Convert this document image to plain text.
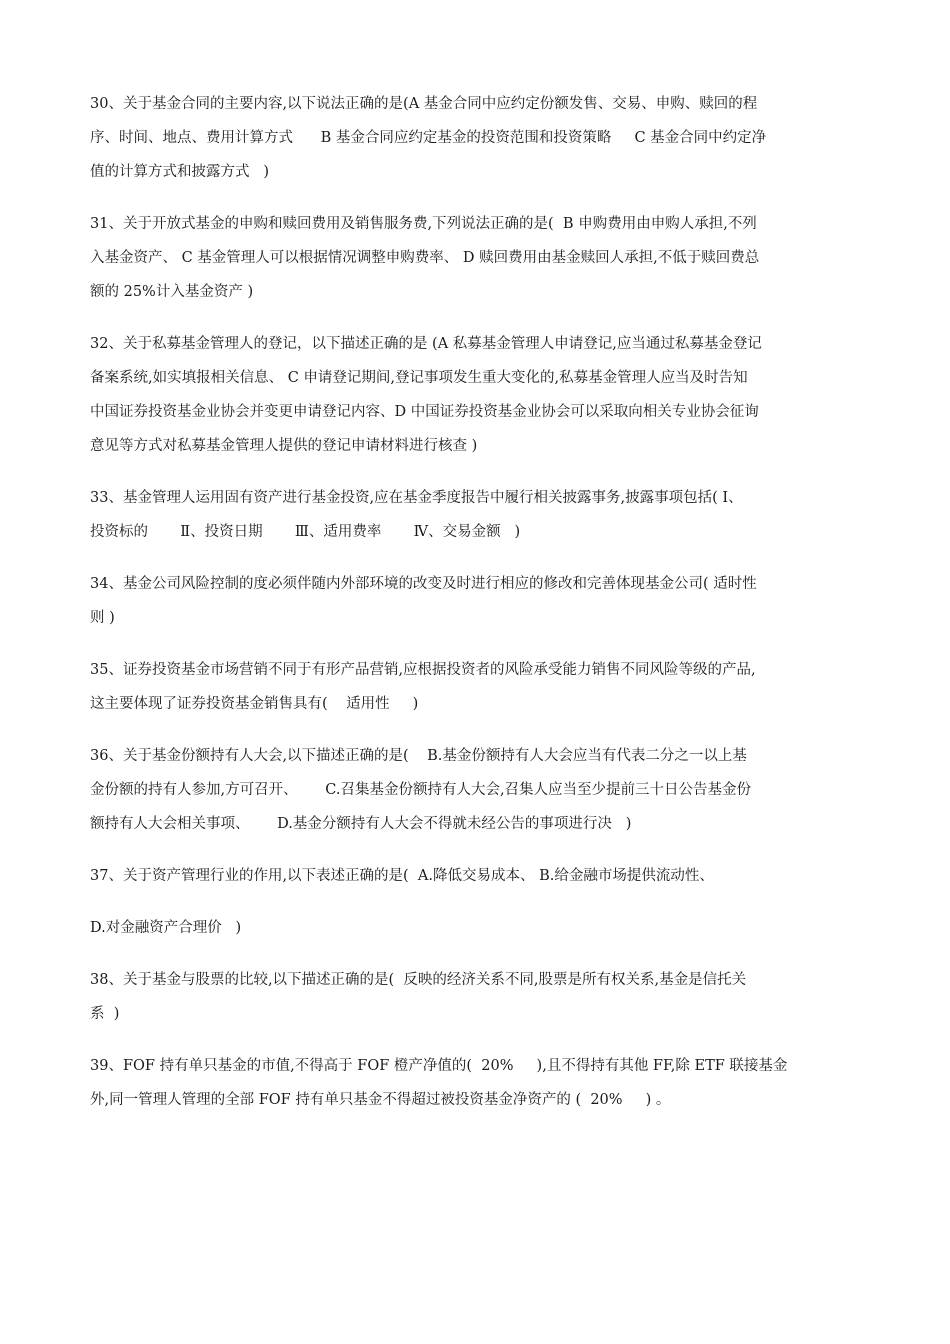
30、关于基金合同的主要内容,以下说法正确的是(A 基金合同中应约定份额发售、交易、申购、赎回的程

序、时间、地点、费用计算方式      B 基金合同应约定基金的投资范围和投资策略     C 基金合同中约定净

值的计算方式和披露方式   )

31、关于开放式基金的申购和赎回费用及销售服务费,下列说法正确的是(  B 申购费用由申购人承担,不列

入基金资产、 C 基金管理人可以根据情况调整申购费率、 D 赎回费用由基金赎回人承担,不低于赎回费总

额的 25%计入基金资产 )

32、关于私募基金管理人的登记，以下描述正确的是 (A 私募基金管理人申请登记,应当通过私募基金登记

备案系统,如实填报相关信息、 C 申请登记期间,登记事项发生重大变化的,私募基金管理人应当及时告知

中国证券投资基金业协会并变更申请登记内容、D 中国证券投资基金业协会可以采取向相关专业协会征询

意见等方式对私募基金管理人提供的登记申请材料进行核查 )

33、基金管理人运用固有资产进行基金投资,应在基金季度报告中履行相关披露事务,披露事项包括( Ⅰ、

投资标的       Ⅱ、投资日期       Ⅲ、适用费率       Ⅳ、交易金额   )

34、基金公司风险控制的度必须伴随内外部环境的改变及时进行相应的修改和完善体现基金公司( 适时性

则 )

35、证券投资基金市场营销不同于有形产品营销,应根据投资者的风险承受能力销售不同风险等级的产品,

这主要体现了证券投资基金销售具有(    适用性     )

36、关于基金份额持有人大会,以下描述正确的是(    B.基金份额持有人大会应当有代表二分之一以上基

金份额的持有人参加,方可召开、      C.召集基金份额持有人大会,召集人应当至少提前三十日公告基金份

额持有人大会相关事项、      D.基金分额持有人大会不得就未经公告的事项进行决   )

37、关于资产管理行业的作用,以下表述正确的是(  A.降低交易成本、 B.给金融市场提供流动性、

D.对金融资产合理价   )

38、关于基金与股票的比较,以下描述正确的是(  反映的经济关系不同,股票是所有权关系,基金是信托关

系  )

39、FOF 持有单只基金的市值,不得高于 FOF 橙产净值的(  20%     ),且不得持有其他 FF,除 ETF 联接基金

外,同一管理人管理的全部 FOF 持有单只基金不得超过被投资基金净资产的 (  20%     ) 。
